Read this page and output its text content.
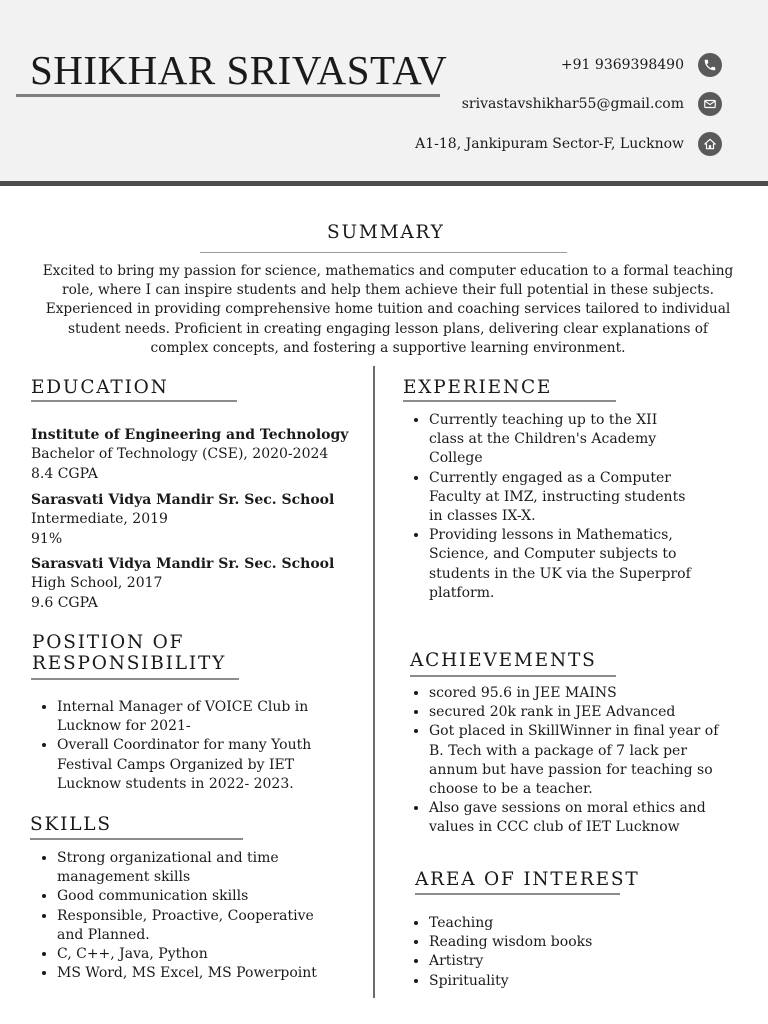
SHIKHAR SRIVASTAV	+91 9369398490
srivastavshikhar55@gmail.com
A1-18, Jankipuram Sector-F, Lucknow
SUMMARY
Excited to bring my passion for science, mathematics and computer education to a formal teaching role, where I can inspire students and help them achieve their full potential in these subjects. Experienced in providing comprehensive home tuition and coaching services tailored to individual student needs. Proficient in creating engaging lesson plans, delivering clear explanations of complex concepts, and fostering a supportive learning environment.
EDUCATION
Institute of Engineering and Technology
Bachelor of Technology (CSE), 2020-2024
8.4 CGPA
Sarasvati Vidya Mandir Sr. Sec. School
Intermediate, 2019
91%
Sarasvati Vidya Mandir Sr. Sec. School
High School, 2017
9.6 CGPA
POSITION OF
RESPONSIBILITY
• Internal Manager of VOICE Club in Lucknow for 2021-
• Overall Coordinator for many Youth Festival Camps Organized by IET Lucknow students in 2022- 2023.
SKILLS
• Strong organizational and time management skills
• Good communication skills
• Responsible, Proactive, Cooperative and Planned.
• C, C++, Java, Python
• MS Word, MS Excel, MS Powerpoint
EXPERIENCE
• Currently teaching up to the XII class at the Children's Academy College
• Currently engaged as a Computer Faculty at IMZ, instructing students in classes IX-X.
• Providing lessons in Mathematics, Science, and Computer subjects to students in the UK via the Superprof platform.
ACHIEVEMENTS
• scored 95.6 in JEE MAINS
• secured 20k rank in JEE Advanced
• Got placed in SkillWinner in final year of B. Tech with a package of 7 lack per annum but have passion for teaching so choose to be a teacher.
• Also gave sessions on moral ethics and values in CCC club of IET Lucknow
AREA OF INTEREST
• Teaching
• Reading wisdom books
• Artistry
• Spirituality
